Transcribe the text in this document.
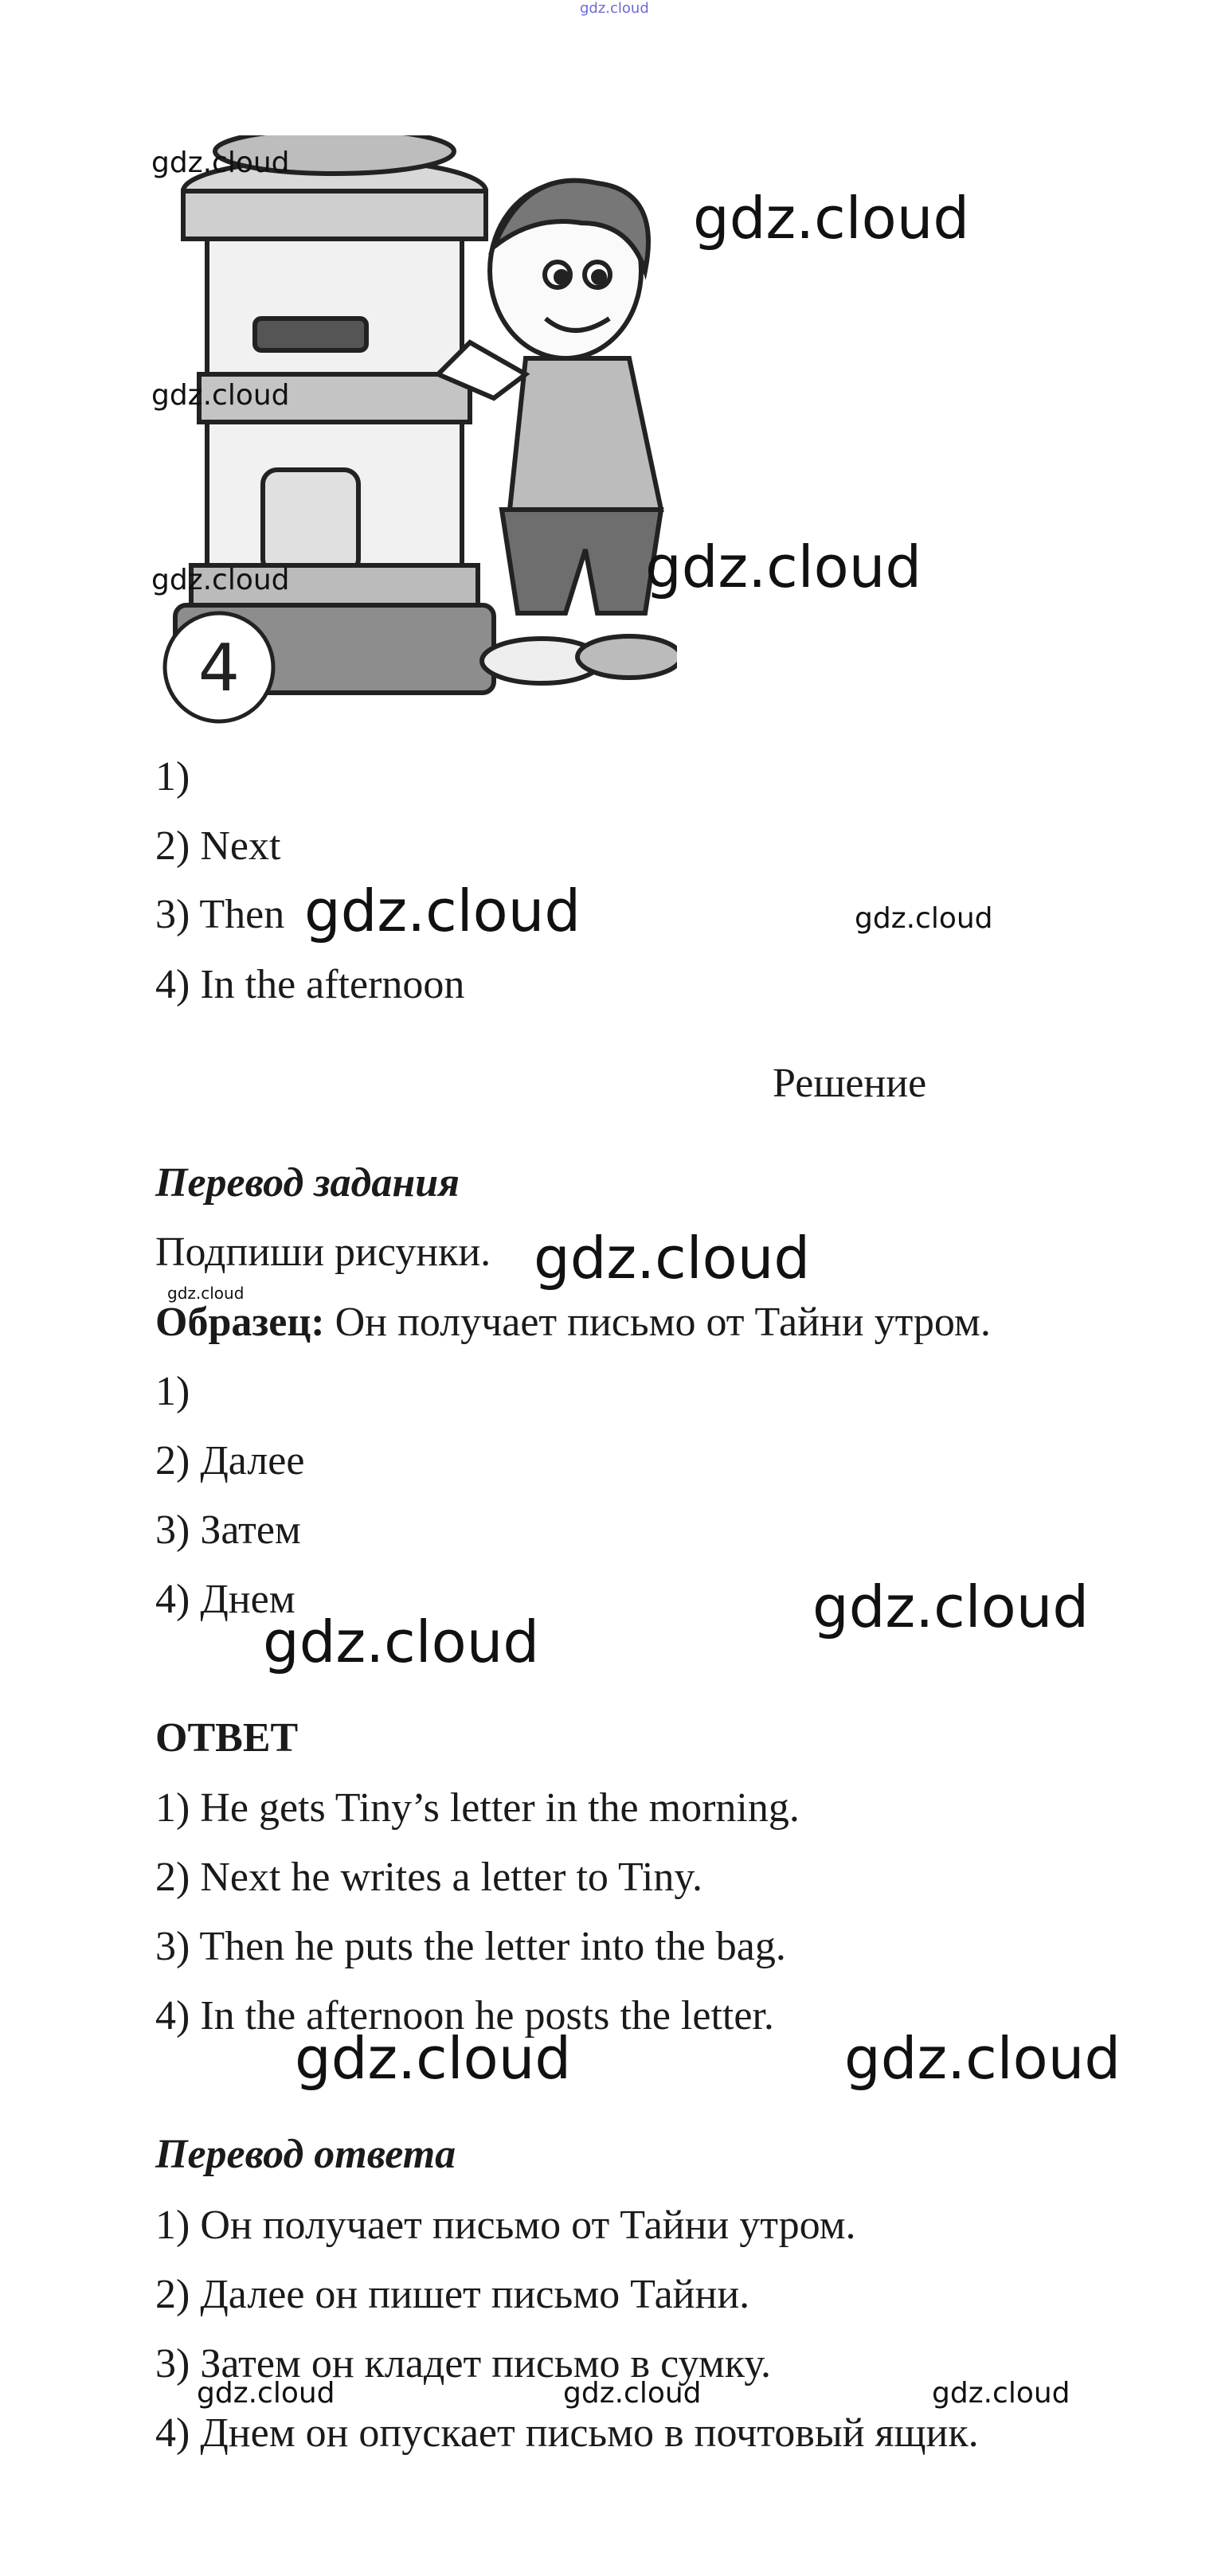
gdz.cloud
4
gdz.cloud
gdz.cloud
gdz.cloud
gdz.cloud	gdz.cloud
1)
2) Next
3) Then
4) In the afternoon
gdz.cloud	gdz.cloud
Решение
Перевод задания
Подпиши рисунки. gdz.cloud
gdz.cloud
Образец: Он получает письмо от Тайни утром.
1)
2) Далее
3) Затем
4) Днем	gdz.cloud
gdz.cloud
ОТВЕТ
1) He gets Tiny’s letter in the morning.
2) Next he writes a letter to Tiny.
3) Then he puts the letter into the bag.
4) In the afternoon he posts the letter.
gdz.cloud	gdz.cloud
Перевод ответа
1) Он получает письмо от Тайни утром.
2) Далее он пишет письмо Тайни.
3) Затем он кладет письмо в сумку.
4) Днем он опускает письмо в почтовый ящик.
gdz.cloud	gdz.cloud	gdz.cloud
